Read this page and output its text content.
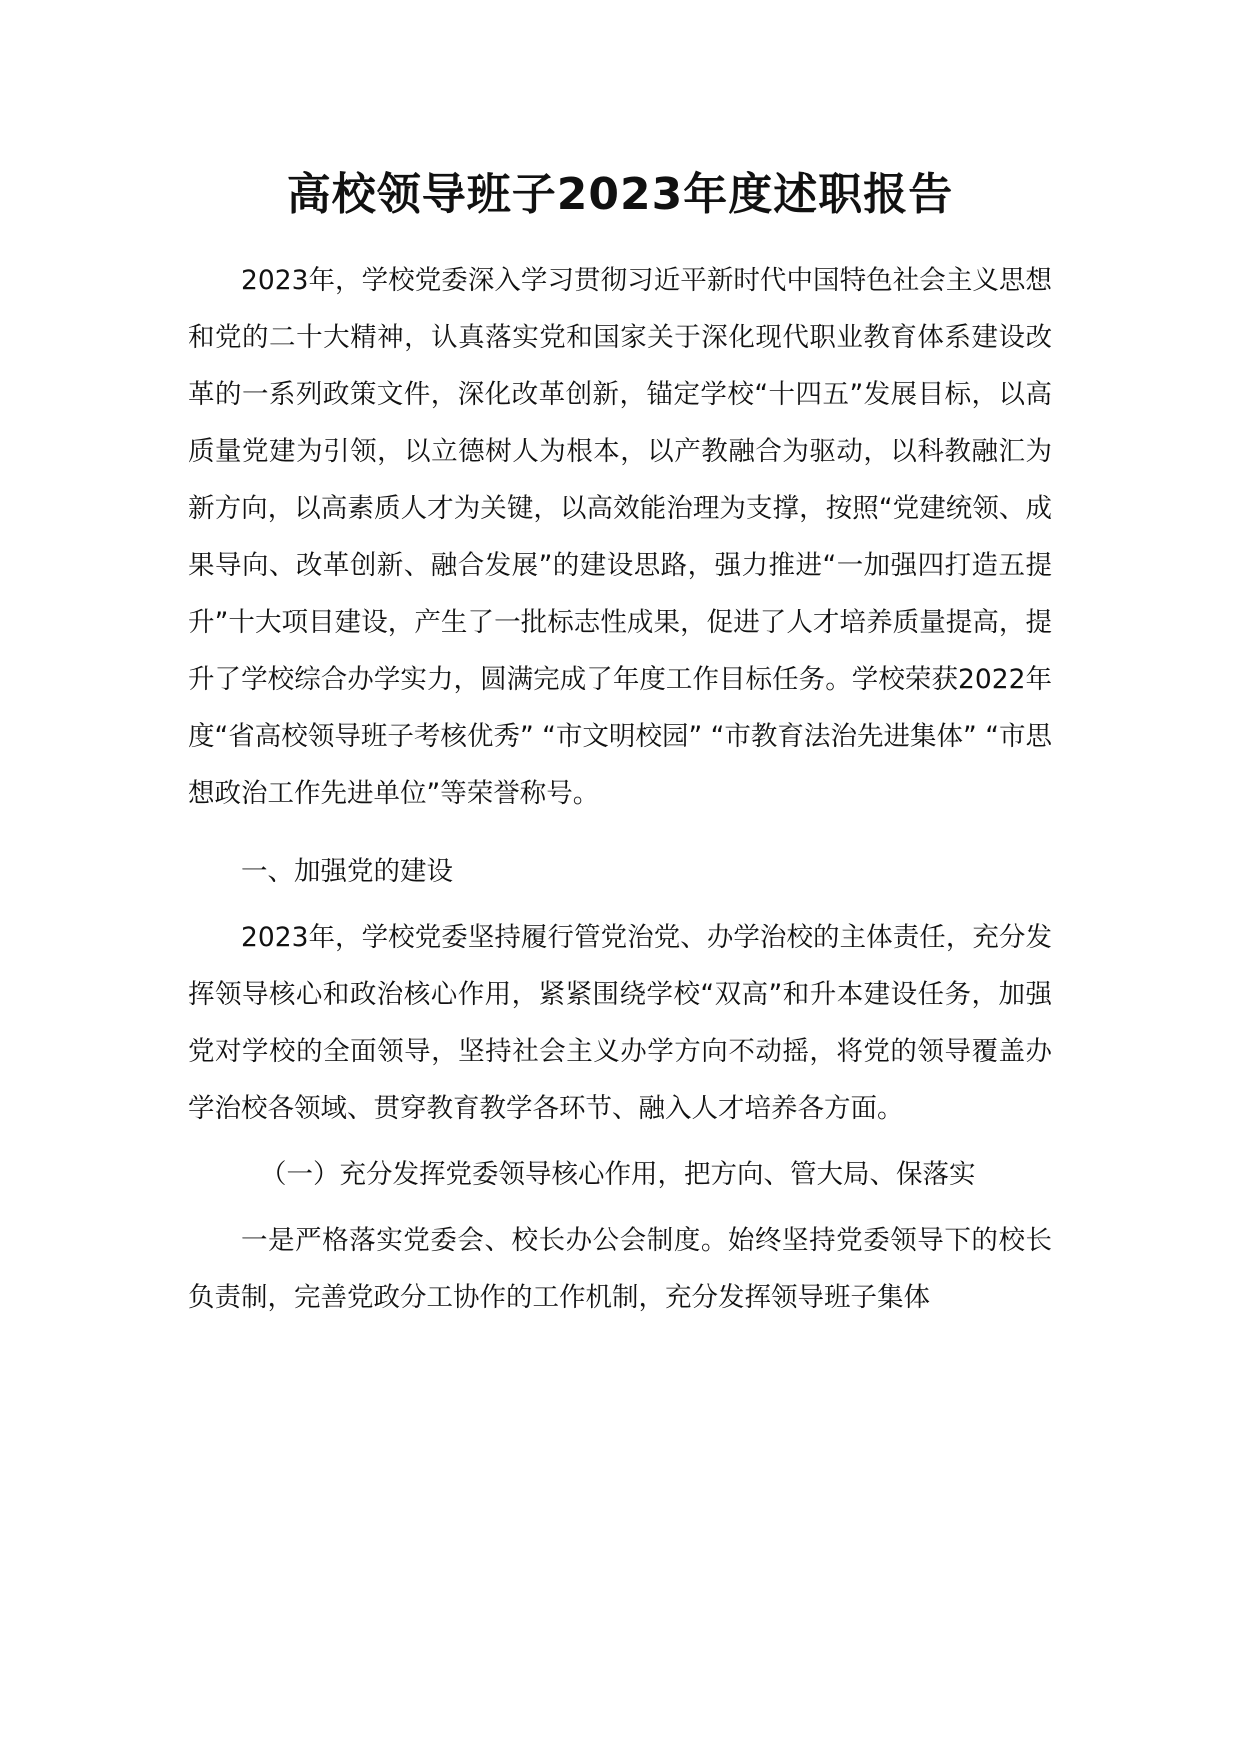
高校领导班子2023年度述职报告

2023年，学校党委深入学习贯彻习近平新时代中国特色社会主义思想和党的二十大精神，认真落实党和国家关于深化现代职业教育体系建设改革的一系列政策文件，深化改革创新，锚定学校“十四五”发展目标，以高质量党建为引领，以立德树人为根本，以产教融合为驱动，以科教融汇为新方向，以高素质人才为关键，以高效能治理为支撑，按照“党建统领、成果导向、改革创新、融合发展”的建设思路，强力推进“一加强四打造五提升”十大项目建设，产生了一批标志性成果，促进了人才培养质量提高，提升了学校综合办学实力，圆满完成了年度工作目标任务。学校荣获2022年度“省高校领导班子考核优秀” “市文明校园” “市教育法治先进集体” “市思想政治工作先进单位”等荣誉称号。

一、加强党的建设

2023年，学校党委坚持履行管党治党、办学治校的主体责任，充分发挥领导核心和政治核心作用，紧紧围绕学校“双高”和升本建设任务，加强党对学校的全面领导，坚持社会主义办学方向不动摇，将党的领导覆盖办学治校各领域、贯穿教育教学各环节、融入人才培养各方面。

（一）充分发挥党委领导核心作用，把方向、管大局、保落实

一是严格落实党委会、校长办公会制度。始终坚持党委领导下的校长负责制，完善党政分工协作的工作机制，充分发挥领导班子集体
